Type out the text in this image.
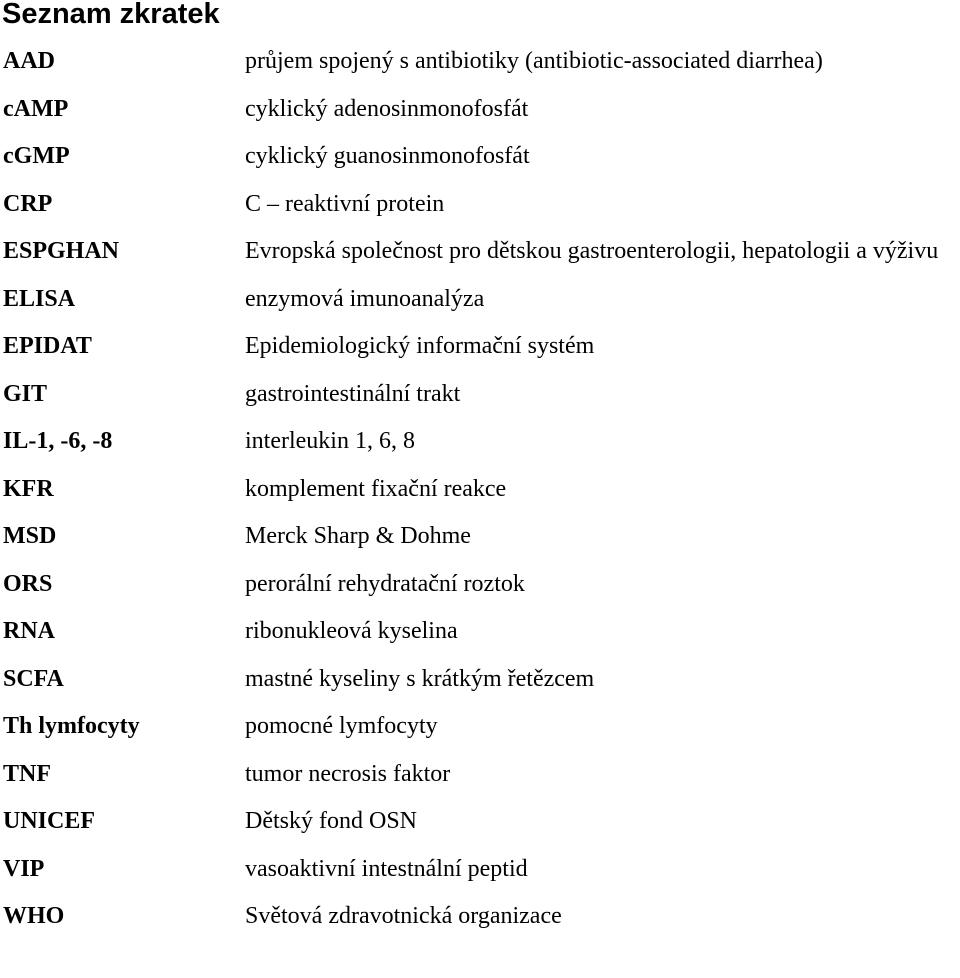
Seznam zkratek
AAD	průjem spojený s antibiotiky (antibiotic-associated diarrhea)
cAMP	cyklický adenosinmonofosfát
cGMP	cyklický guanosinmonofosfát
CRP	C – reaktivní protein
ESPGHAN	Evropská společnost pro dětskou gastroenterologii, hepatologii a výživu
ELISA	enzymová imunoanalýza
EPIDAT	Epidemiologický informační systém
GIT	gastrointestinální trakt
IL-1, -6, -8	interleukin 1, 6, 8
KFR	komplement fixační reakce
MSD	Merck Sharp & Dohme
ORS	perorální rehydratační roztok
RNA	ribonukleová kyselina
SCFA	mastné kyseliny s krátkým řetězcem
Th lymfocyty	pomocné lymfocyty
TNF	tumor necrosis faktor
UNICEF	Dětský fond OSN
VIP	vasoaktivní intestnální peptid
WHO	Světová zdravotnická organizace
